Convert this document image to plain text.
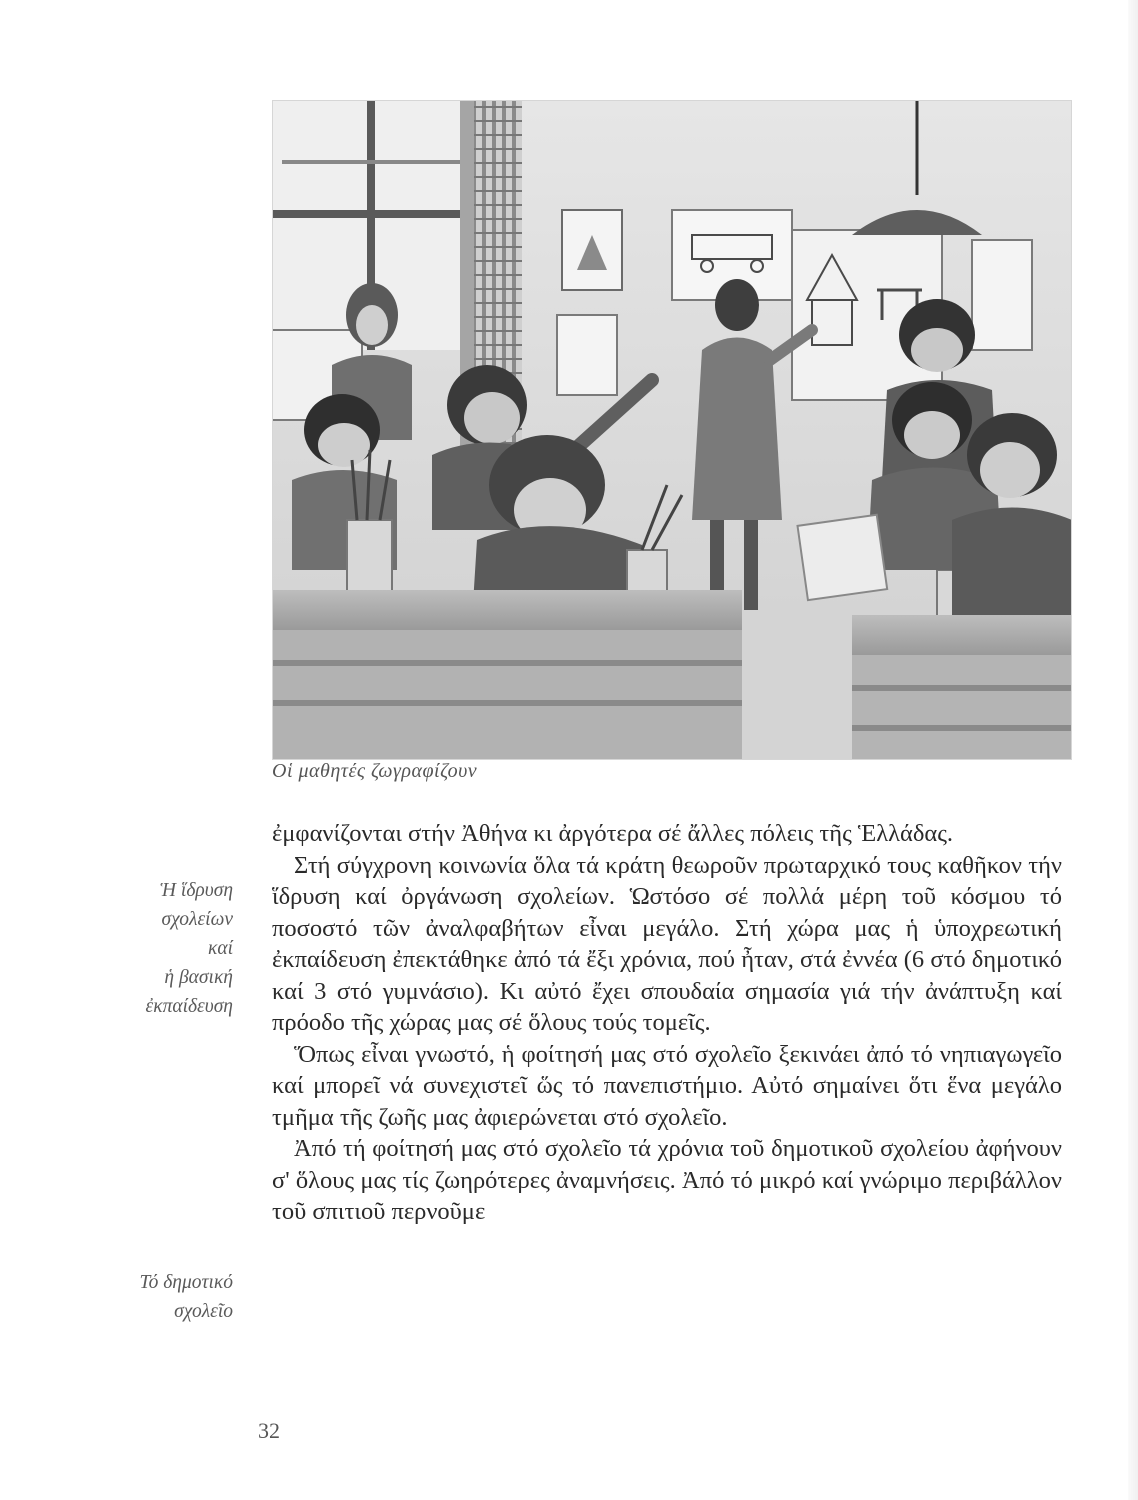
Οἱ μαθητές ζωγραφίζουν
Ἡ ἵδρυση
σχολείων
καί
ἡ βασική
ἐκπαίδευση
Τό δημοτικό
σχολεῖο

ἐμφανίζονται στήν Ἀθήνα κι ἀργότερα σέ ἄλλες πόλεις τῆς Ἑλλάδας.

Στή σύγχρονη κοινωνία ὅλα τά κράτη θεωροῦν πρωταρχικό τους καθῆκον τήν ἵδρυση καί ὀργάνωση σχολείων. Ὡστόσο σέ πολλά μέρη τοῦ κόσμου τό ποσοστό τῶν ἀναλφαβήτων εἶναι μεγάλο. Στή χώρα μας ἡ ὑποχρεωτική ἐκπαίδευση ἐπεκτάθηκε ἀπό τά ἔξι χρόνια, πού ἦταν, στά ἐννέα (6 στό δημοτικό καί 3 στό γυμνάσιο). Κι αὐτό ἔχει σπουδαία σημασία γιά τήν ἀνάπτυξη καί πρόοδο τῆς χώρας μας σέ ὅλους τούς τομεῖς.

Ὅπως εἶναι γνωστό, ἡ φοίτησή μας στό σχολεῖο ξεκινάει ἀπό τό νηπιαγωγεῖο καί μπορεῖ νά συνεχιστεῖ ὥς τό πανεπιστήμιο. Αὐτό σημαίνει ὅτι ἕνα μεγάλο τμῆμα τῆς ζωῆς μας ἀφιερώνεται στό σχολεῖο.

Ἀπό τή φοίτησή μας στό σχολεῖο τά χρόνια τοῦ δημοτικοῦ σχολείου ἀφήνουν σ' ὅλους μας τίς ζωηρότερες ἀναμνήσεις. Ἀπό τό μικρό καί γνώριμο περιβάλλον τοῦ σπιτιοῦ περνοῦμε

32
